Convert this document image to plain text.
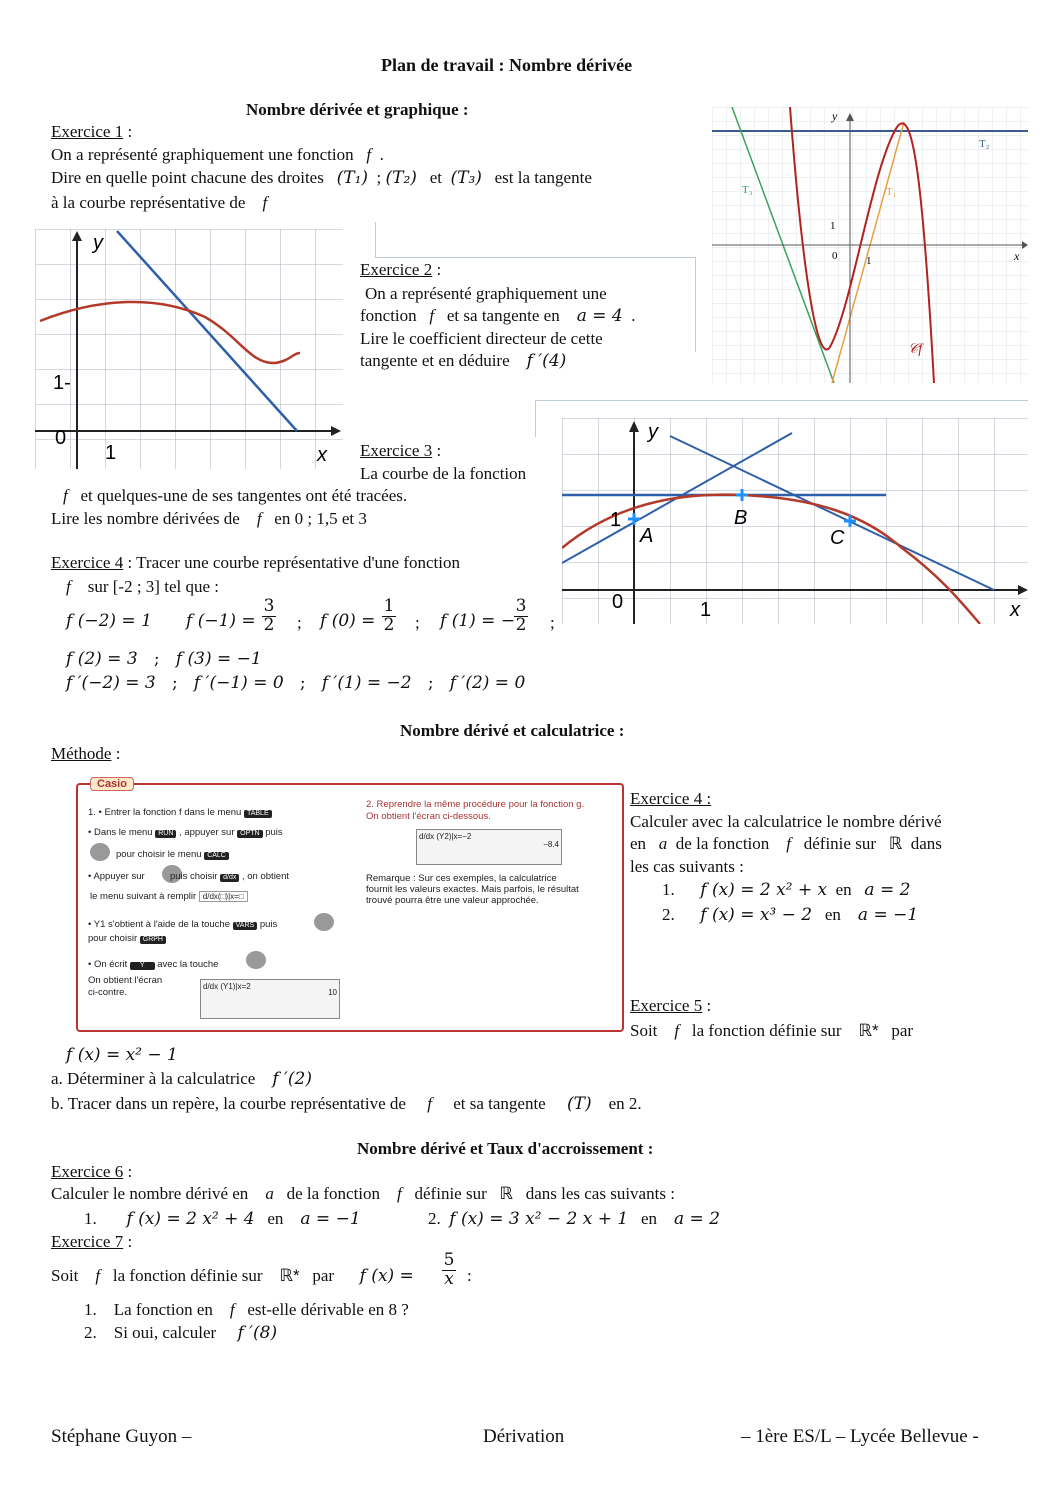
Plan de travail : Nombre dérivée
Nombre dérivée et graphique :
Exercice 1 :
On a représenté graphiquement une fonction f .
Dire en quelle point chacune des droites (T₁) ; (T₂) et (T₃) est la tangente
à la courbe représentative de f
y
x
0	1
1
T₂
T₃	T₁
𝒞f
y
x
0
1
1-
Exercice 2 :
On a représenté graphiquement une
fonction f et sa tangente en a = 4 .
Lire le coefficient directeur de cette
tangente et en déduire f ′(4)
y
x
0	1
1
A
B
C
Exercice 3 :
La courbe de la fonction
f et quelques-une de ses tangentes ont été tracées.
Lire les nombre dérivées de f en 0 ; 1,5 et 3
Exercice 4 : Tracer une courbe représentative d'une fonction
f sur [-2 ; 3] tel que :
f (−2) = 1 f (−1) =
3
2 ; f (0) =
1
2 ; f (1) = −
3
2 ;
f (2) = 3 ; f (3) = −1
f ′(−2) = 3 ; f ′(−1) = 0 ; f ′(1) = −2 ; f ′(2) = 0
Nombre dérivé et calculatrice :
Méthode :
Casio
1. • Entrer la fonction f dans le menu TABLE
• Dans le menu RUN , appuyer sur OPTN puis
pour choisir le menu CALC
• Appuyer sur	puis choisir d/dx , on obtient
le menu suivant à remplir d/dx(□)|x=□
• Y1 s'obtient à l'aide de la touche VARS puis
pour choisir GRPH
• On écrit Y avec la touche
On obtient l'écran
ci-contre.
d/dx (Y1)|x=2
10
2. Reprendre la même procédure pour la fonction g.
On obtient l'écran ci-dessous.
d/dx (Y2)|x=−2
−8.4
Remarque : Sur ces exemples, la calculatrice
fournit les valeurs exactes. Mais parfois, le résultat
trouvé pourra être une valeur approchée.
Exercice 4 :
Calculer avec la calculatrice le nombre dérivé
en a de la fonction f définie sur ℝ dans
les cas suivants :
1. f (x) = 2 x² + x en a = 2
2. f (x) = x³ − 2 en a = −1
Exercice 5 :
Soit f la fonction définie sur ℝ* par
f (x) = x² − 1
a. Déterminer à la calculatrice f ′(2)
b. Tracer dans un repère, la courbe représentative de f et sa tangente (T) en 2.
Nombre dérivé et Taux d'accroissement :
Exercice 6 :
Calculer le nombre dérivé en a de la fonction f définie sur ℝ dans les cas suivants :
1. f (x) = 2 x² + 4 en a = −1	2. f (x) = 3 x² − 2 x + 1 en a = 2
Exercice 7 :
Soit f la fonction définie sur ℝ* par f (x) =
5
x :
1. La fonction en f est-elle dérivable en 8 ?
2. Si oui, calculer f ′(8)
Stéphane Guyon –	Dérivation	– 1ère ES/L – Lycée Bellevue -
